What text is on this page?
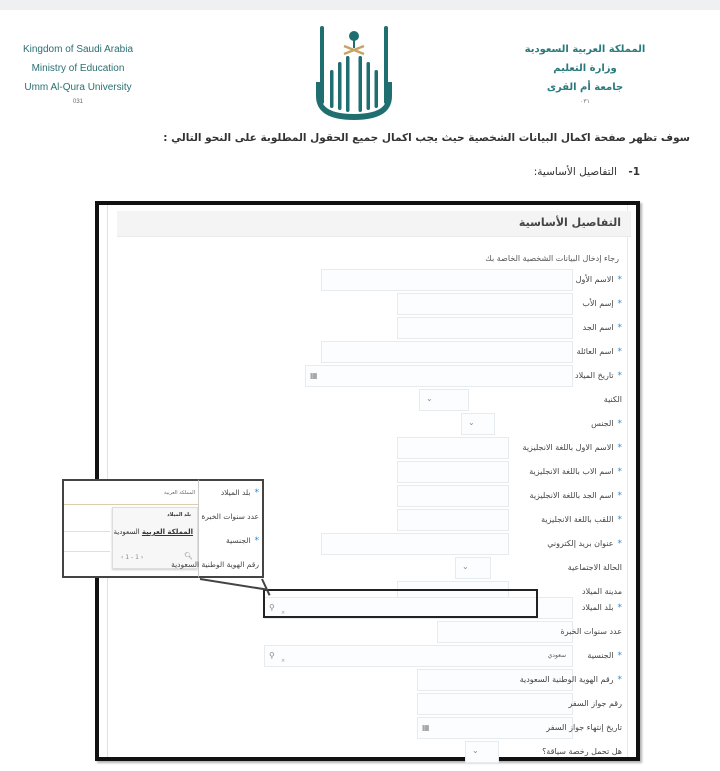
Kingdom of Saudi Arabia
Ministry of Education
Umm Al-Qura University
031
المملكة العربية السعودية
وزارة التعليم
جامعة أم القرى
٠٣١
سوف تظهر صفحة اكمال البيانات الشخصية حيث يجب اكمال جميع الحقول المطلوبة على النحو التالي :
1- التفاصيل الأساسية:
التفاصيل الأساسية
رجاء إدخال البيانات الشخصية الخاصة بك
*الاسم الأول
*إسم الأب
*اسم الجد
*اسم العائلة
▦	*تاريخ الميلاد
⌄	الكنية
⌄	*الجنس
*الاسم الاول باللغة الانجليزية
*اسم الاب باللغة الانجليزية
*اسم الجد باللغة الانجليزية
*اللقب باللغة الانجليزية
*عنوان بريد إلكتروني
⌄	الحالة الاجتماعية
مدينة الميلاد
⚲
×	*بلد الميلاد
عدد سنوات الخبرة
⚲
×
سعودي	*الجنسية
*رقم الهوية الوطنية السعودية
رقم جواز السفر
▦	تاريخ إنتهاء جواز السفر
⌄	هل تحمل رخصة سياقة؟
المملكة العربية
بلد الميلاد
المملكة العربية السعودية
‹ 1 - 1 ›	🔍︎
*بلد الميلاد
عدد سنوات الخبرة
*الجنسية
رقم الهوية الوطنية السعودية
